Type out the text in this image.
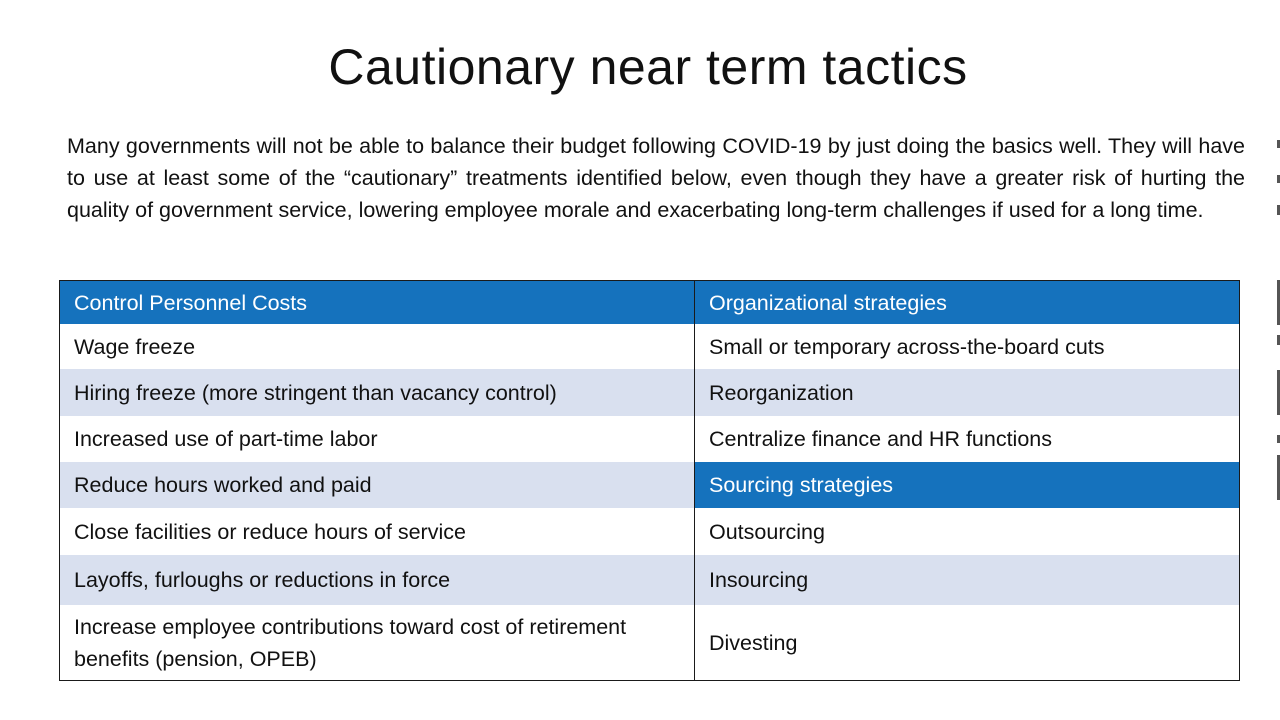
Cautionary near term tactics

Many governments will not be able to balance their budget following COVID-19 by just doing the basics well. They will have to use at least some of the “cautionary” treatments identified below, even though they have a greater risk of hurting the quality of government service, lowering employee morale and exacerbating long-term challenges if used for a long time.

Control Personnel Costs	Organizational strategies
Wage freeze	Small or temporary across-the-board cuts
Hiring freeze (more stringent than vacancy control)	Reorganization
Increased use of part-time labor	Centralize finance and HR functions
Reduce hours worked and paid	Sourcing strategies
Close facilities or reduce hours of service	Outsourcing
Layoffs, furloughs or reductions in force	Insourcing
Increase employee contributions toward cost of retirement benefits (pension, OPEB)	Divesting
